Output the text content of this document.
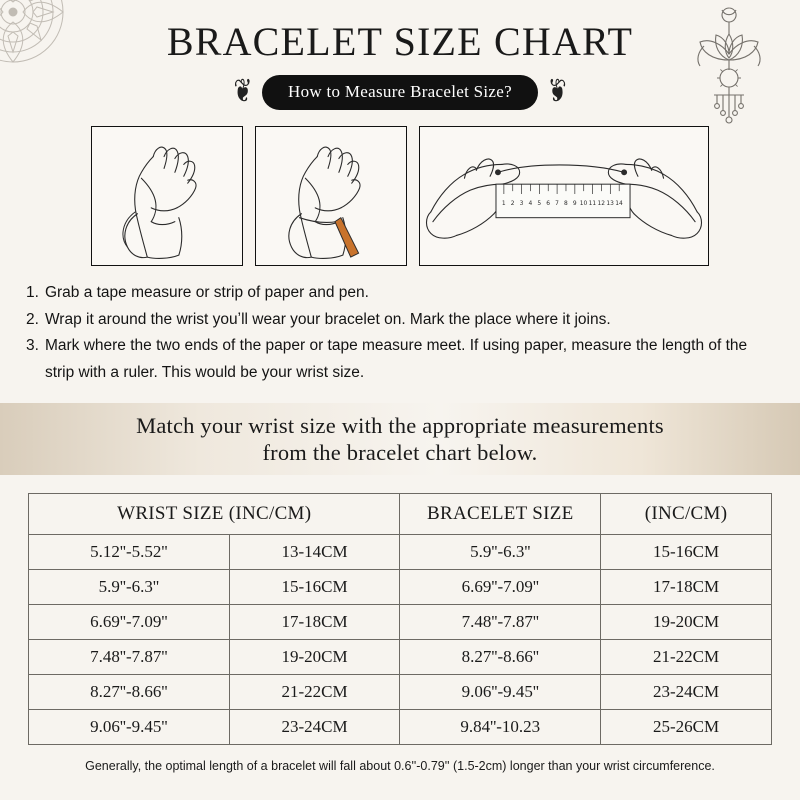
BRACELET SIZE CHART
❦	How to Measure Bracelet Size?	❦
1 2 3 4 5 6 7 8 9 10 11 12 13 14
1. Grab a tape measure or strip of paper and pen.
2. Wrap it around the wrist youʼll wear your bracelet on. Mark the place where it joins.
3. Mark where the two ends of the paper or tape measure meet. If using paper, measure the length of the strip with a ruler. This would be your wrist size.
Match your wrist size with the appropriate measurements
from the bracelet chart below.
WRIST SIZE (INC/CM)		BRACELET SIZE	(INC/CM)
5.12''-5.52''	13-14CM	5.9''-6.3''	15-16CM
5.9''-6.3''	15-16CM	6.69''-7.09''	17-18CM
6.69''-7.09''	17-18CM	7.48''-7.87''	19-20CM
7.48''-7.87''	19-20CM	8.27''-8.66''	21-22CM
8.27''-8.66''	21-22CM	9.06''-9.45''	23-24CM
9.06''-9.45''	23-24CM	9.84''-10.23	25-26CM
Generally, the optimal length of a bracelet will fall about 0.6''-0.79'' (1.5-2cm) longer than your wrist circumference.
